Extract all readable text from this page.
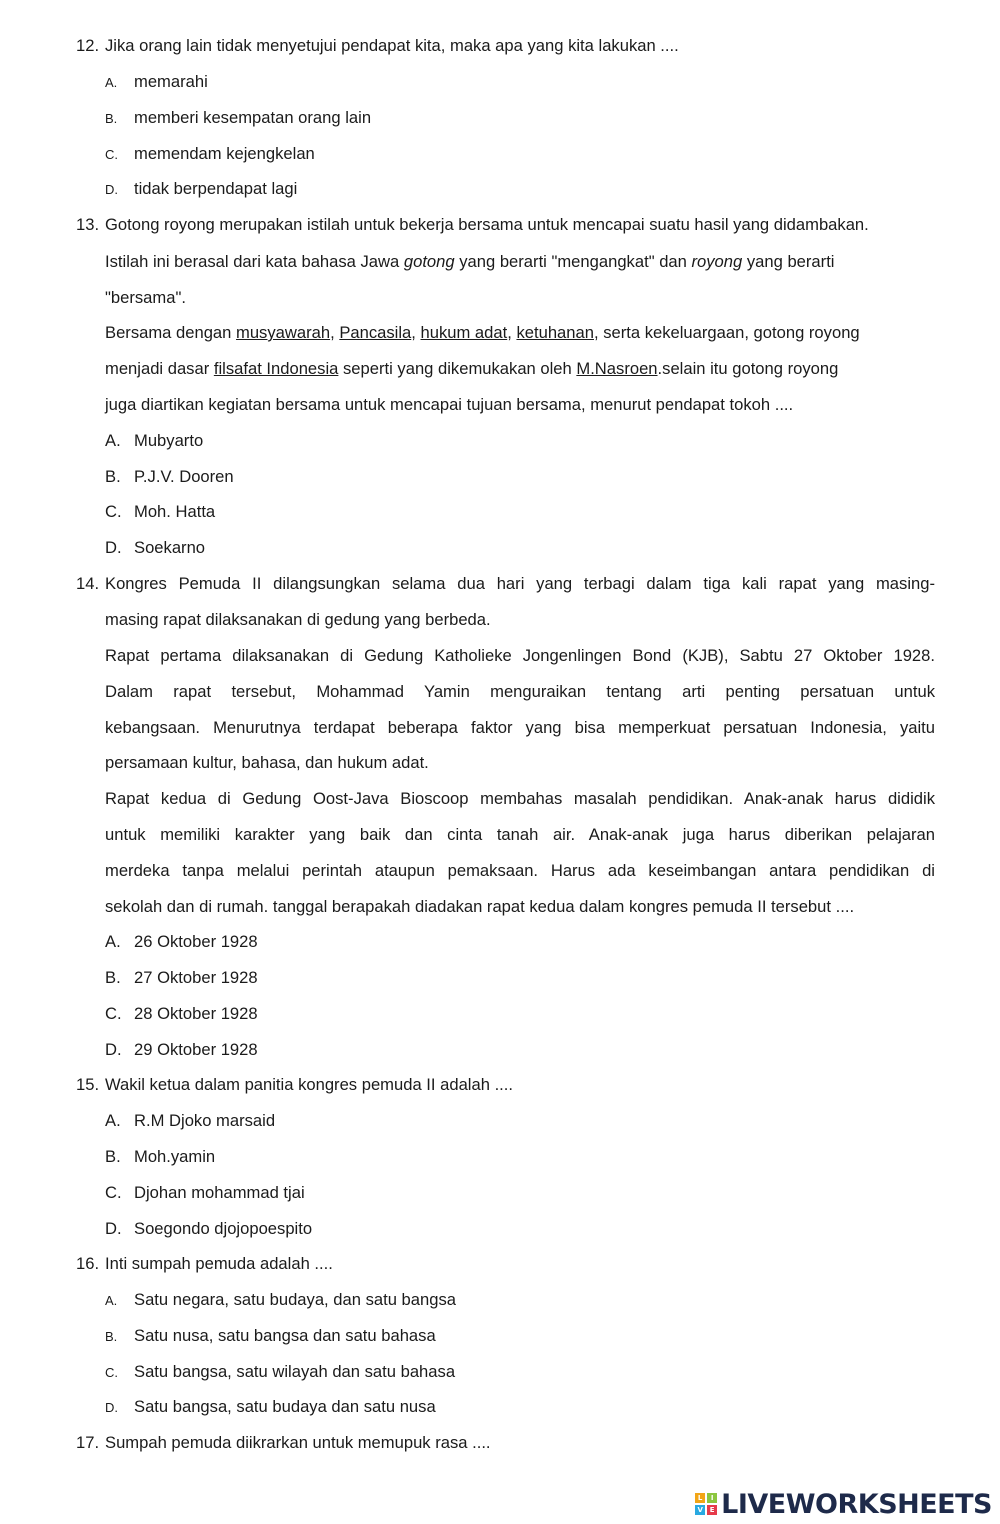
12. Jika orang lain tidak menyetujui pendapat kita, maka apa yang kita lakukan ....
A. memarahi
B. memberi kesempatan orang lain
C. memendam kejengkelan
D. tidak berpendapat lagi
13. Gotong royong merupakan istilah untuk bekerja bersama untuk mencapai suatu hasil yang didambakan.
Istilah ini berasal dari kata bahasa Jawa gotong yang berarti "mengangkat" dan royong yang berarti
"bersama".
Bersama dengan musyawarah, Pancasila, hukum adat, ketuhanan, serta kekeluargaan, gotong royong
menjadi dasar filsafat Indonesia seperti yang dikemukakan oleh M.Nasroen.selain itu gotong royong
juga diartikan kegiatan bersama untuk mencapai tujuan bersama, menurut pendapat tokoh ....
A. Mubyarto
B. P.J.V. Dooren
C. Moh. Hatta
D. Soekarno
14. Kongres Pemuda II dilangsungkan selama dua hari yang terbagi dalam tiga kali rapat yang masing-
masing rapat dilaksanakan di gedung yang berbeda.
Rapat pertama dilaksanakan di Gedung Katholieke Jongenlingen Bond (KJB), Sabtu 27 Oktober 1928.
Dalam rapat tersebut, Mohammad Yamin menguraikan tentang arti penting persatuan untuk
kebangsaan. Menurutnya terdapat beberapa faktor yang bisa memperkuat persatuan Indonesia, yaitu
persamaan kultur, bahasa, dan hukum adat.
Rapat kedua di Gedung Oost-Java Bioscoop membahas masalah pendidikan. Anak-anak harus dididik
untuk memiliki karakter yang baik dan cinta tanah air. Anak-anak juga harus diberikan pelajaran
merdeka tanpa melalui perintah ataupun pemaksaan. Harus ada keseimbangan antara pendidikan di
sekolah dan di rumah. tanggal berapakah diadakan rapat kedua dalam kongres pemuda II tersebut ....
A. 26 Oktober 1928
B. 27 Oktober 1928
C. 28 Oktober 1928
D. 29 Oktober 1928
15. Wakil ketua dalam panitia kongres pemuda II adalah ....
A. R.M Djoko marsaid
B. Moh.yamin
C. Djohan mohammad tjai
D. Soegondo djojopoespito
16. Inti sumpah pemuda adalah ....
A. Satu negara, satu budaya, dan satu bangsa
B. Satu nusa, satu bangsa dan satu bahasa
C. Satu bangsa, satu wilayah dan satu bahasa
D. Satu bangsa, satu budaya dan satu nusa
17. Sumpah pemuda diikrarkan untuk memupuk rasa ....
L	I
V E LIVEWORKSHEETS
